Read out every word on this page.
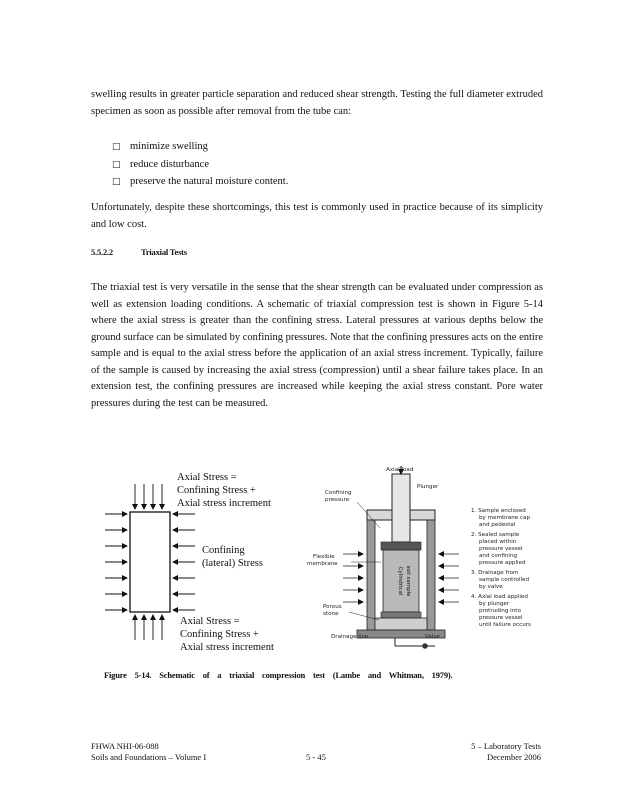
swelling results in greater particle separation and reduced shear strength. Testing the full diameter extruded specimen as soon as possible after removal from the tube can:

□ minimize swelling
□ reduce disturbance
□ preserve the natural moisture content.

Unfortunately, despite these shortcomings, this test is commonly used in practice because of its simplicity and low cost.

5.5.2.2	Triaxial Tests

The triaxial test is very versatile in the sense that the shear strength can be evaluated under compression as well as extension loading conditions. A schematic of triaxial compression test is shown in Figure 5-14 where the axial stress is greater than the confining stress. Lateral pressures at various depths below the ground surface can be simulated by confining pressures. Note that the confining pressures acts on the entire sample and is equal to the axial stress before the application of an axial stress increment. Typically, failure of the sample is caused by increasing the axial stress (compression) until a shear failure takes place. In an extension test, the confining pressures are increased while keeping the axial stress constant. Pore water pressures during the test can be measured.

Axial Stress =
Confining Stress +
Axial stress increment
Confining
(lateral) Stress
Axial Stress =
Confining Stress +
Axial stress increment
Cylindrical soil sample
Axial load
Plunger
Confining
pressure
Flexible
membrane
Porous
stone
Drainage line	Valve
1. Sample enclosed
by membrane cap
and pedestal
2. Sealed sample
placed within
pressure vessel
and confining
pressure applied
3. Drainage from
sample controlled
by valve
4. Axial load applied
by plunger
protruding into
pressure vessel
until failure occurs
Figure 5-14. Schematic of a triaxial compression test (Lambe and Whitman, 1979).
FHWA NHI-06-088
Soils and Foundations – Volume I	5 - 45
5 – Laboratory Tests
December 2006
